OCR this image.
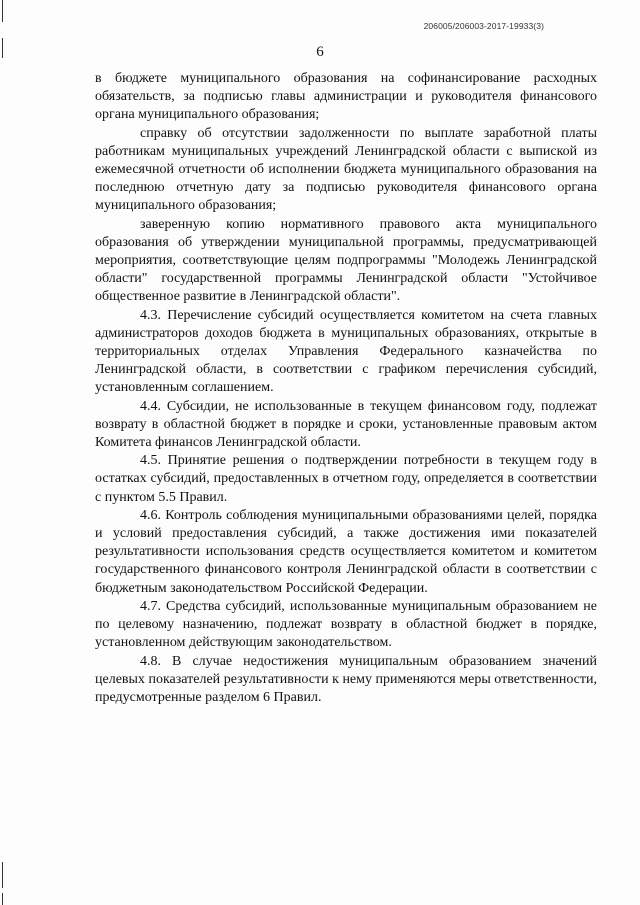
206005/206003-2017-19933(3)
6

в бюджете муниципального образования на софинансирование расходных обязательств, за подписью главы администрации и руководителя финансового органа муниципального образования;

справку об отсутствии задолженности по выплате заработной платы работникам муниципальных учреждений Ленинградской области с выпиской из ежемесячной отчетности об исполнении бюджета муниципального образования на последнюю отчетную дату за подписью руководителя финансового органа муниципального образования;

заверенную копию нормативного правового акта муниципального образования об утверждении муниципальной программы, предусматривающей мероприятия, соответствующие целям подпрограммы "Молодежь Ленинградской области" государственной программы Ленинградской области "Устойчивое общественное развитие в Ленинградской области".

4.3. Перечисление субсидий осуществляется комитетом на счета главных администраторов доходов бюджета в муниципальных образованиях, открытые в территориальных отделах Управления Федерального казначейства по Ленинградской области, в соответствии с графиком перечисления субсидий, установленным соглашением.

4.4. Субсидии, не использованные в текущем финансовом году, подлежат возврату в областной бюджет в порядке и сроки, установленные правовым актом Комитета финансов Ленинградской области.

4.5. Принятие решения о подтверждении потребности в текущем году в остатках субсидий, предоставленных в отчетном году, определяется в соответствии с пунктом 5.5 Правил.

4.6. Контроль соблюдения муниципальными образованиями целей, порядка и условий предоставления субсидий, а также достижения ими показателей результативности использования средств осуществляется комитетом и комитетом государственного финансового контроля Ленинградской области в соответствии с бюджетным законодательством Российской Федерации.

4.7. Средства субсидий, использованные муниципальным образованием не по целевому назначению, подлежат возврату в областной бюджет в порядке, установленном действующим законодательством.

4.8. В случае недостижения муниципальным образованием значений целевых показателей результативности к нему применяются меры ответственности, предусмотренные разделом 6 Правил.
